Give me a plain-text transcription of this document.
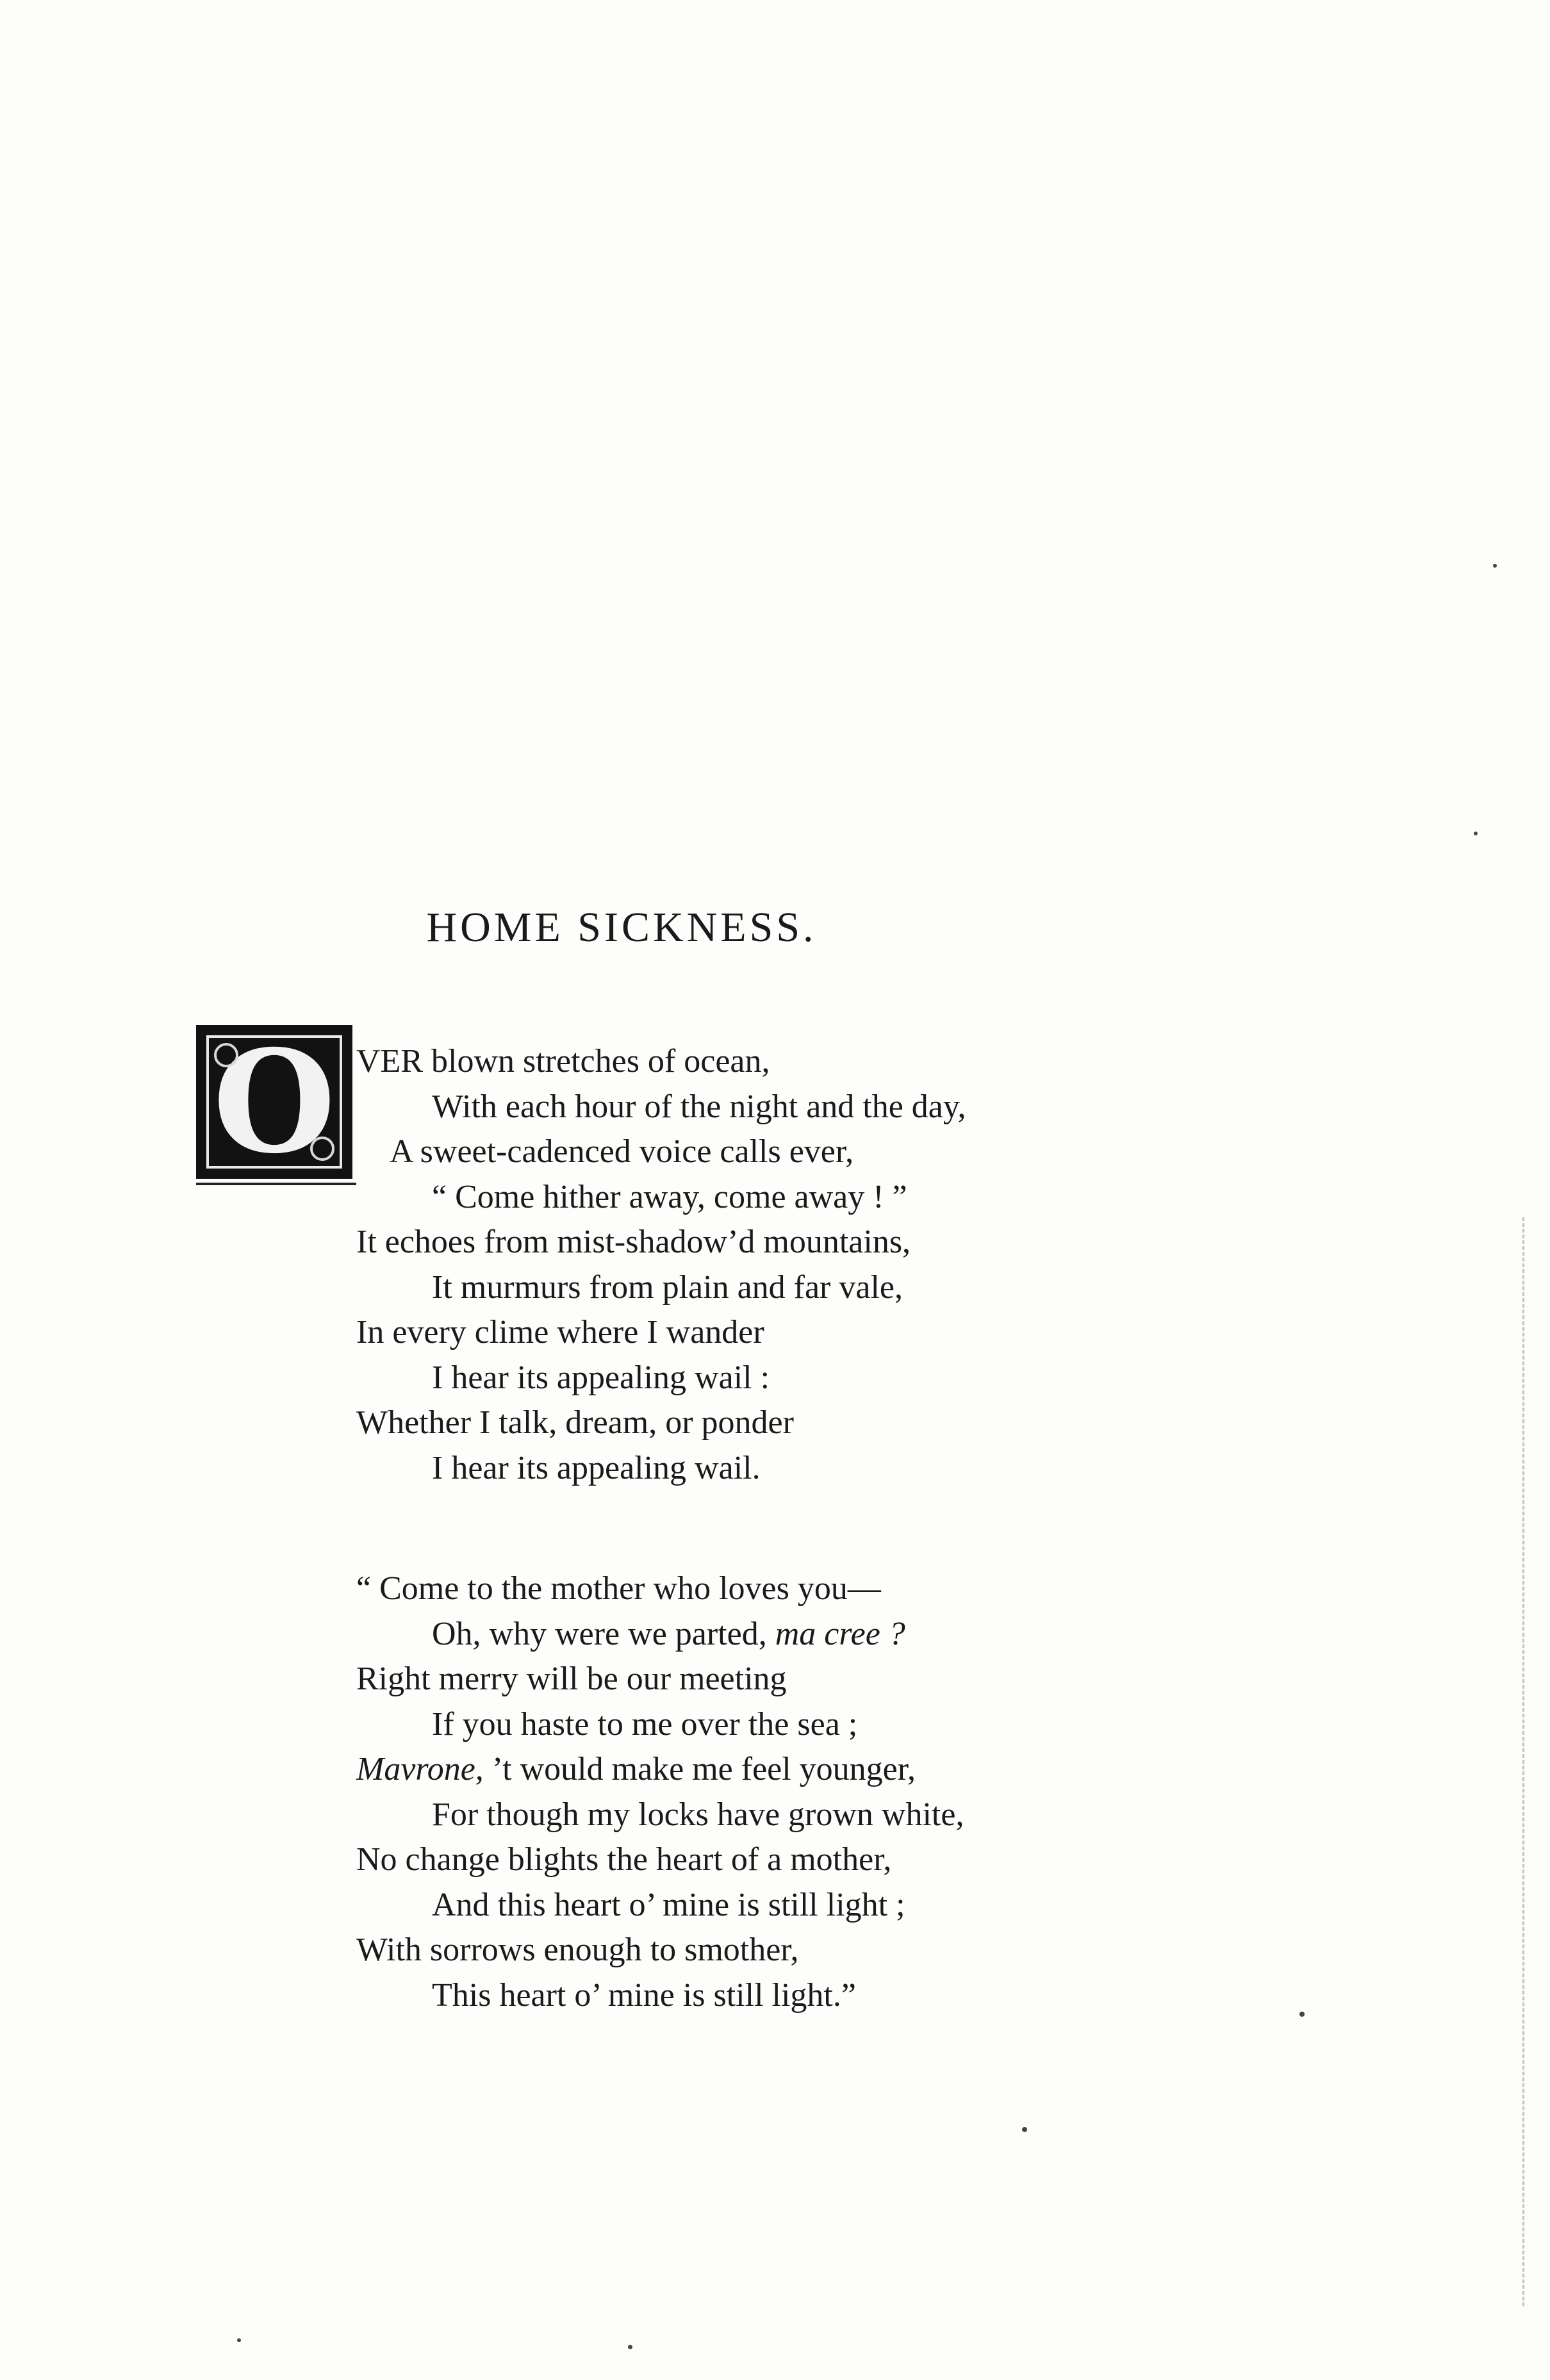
HOME SICKNESS.
O VER blown stretches of ocean,
With each hour of the night and the day,
A sweet-cadenced voice calls ever,
“ Come hither away, come away ! ”
It echoes from mist-shadow’d mountains,
It murmurs from plain and far vale,
In every clime where I wander
I hear its appealing wail :
Whether I talk, dream, or ponder
I hear its appealing wail.
“ Come to the mother who loves you—
Oh, why were we parted, ma cree ?
Right merry will be our meeting
If you haste to me over the sea ;
Mavrone, ’t would make me feel younger,
For though my locks have grown white,
No change blights the heart of a mother,
And this heart o’ mine is still light ;
With sorrows enough to smother,
This heart o’ mine is still light.”
